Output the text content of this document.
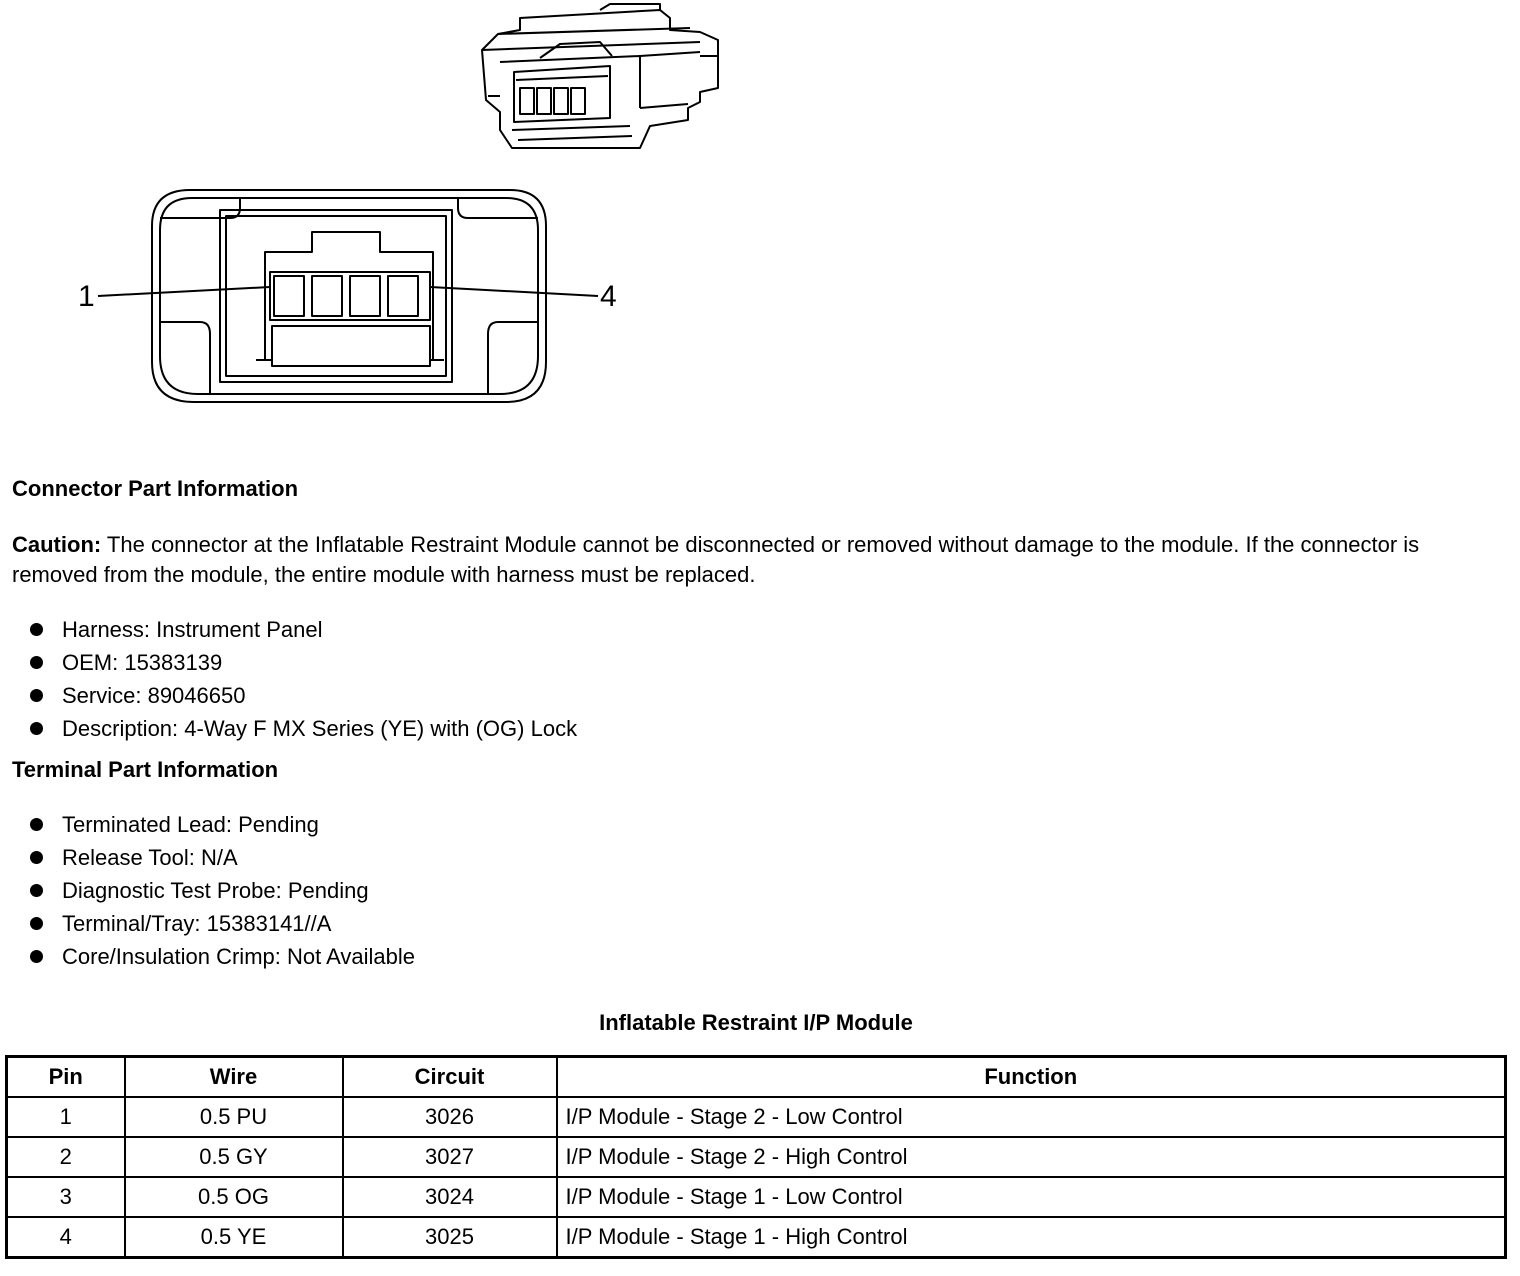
1	4
Connector Part Information
Caution: The connector at the Inflatable Restraint Module cannot be disconnected or removed without damage to the module. If the connector is removed from the module, the entire module with harness must be replaced.
Harness: Instrument Panel
OEM: 15383139
Service: 89046650
Description: 4-Way F MX Series (YE) with (OG) Lock
Terminal Part Information
Terminated Lead: Pending
Release Tool: N/A
Diagnostic Test Probe: Pending
Terminal/Tray: 15383141//A
Core/Insulation Crimp: Not Available
Inflatable Restraint I/P Module
Pin	Wire	Circuit	Function
1	0.5 PU	3026	I/P Module - Stage 2 - Low Control
2	0.5 GY	3027	I/P Module - Stage 2 - High Control
3	0.5 OG	3024	I/P Module - Stage 1 - Low Control
4	0.5 YE	3025	I/P Module - Stage 1 - High Control
